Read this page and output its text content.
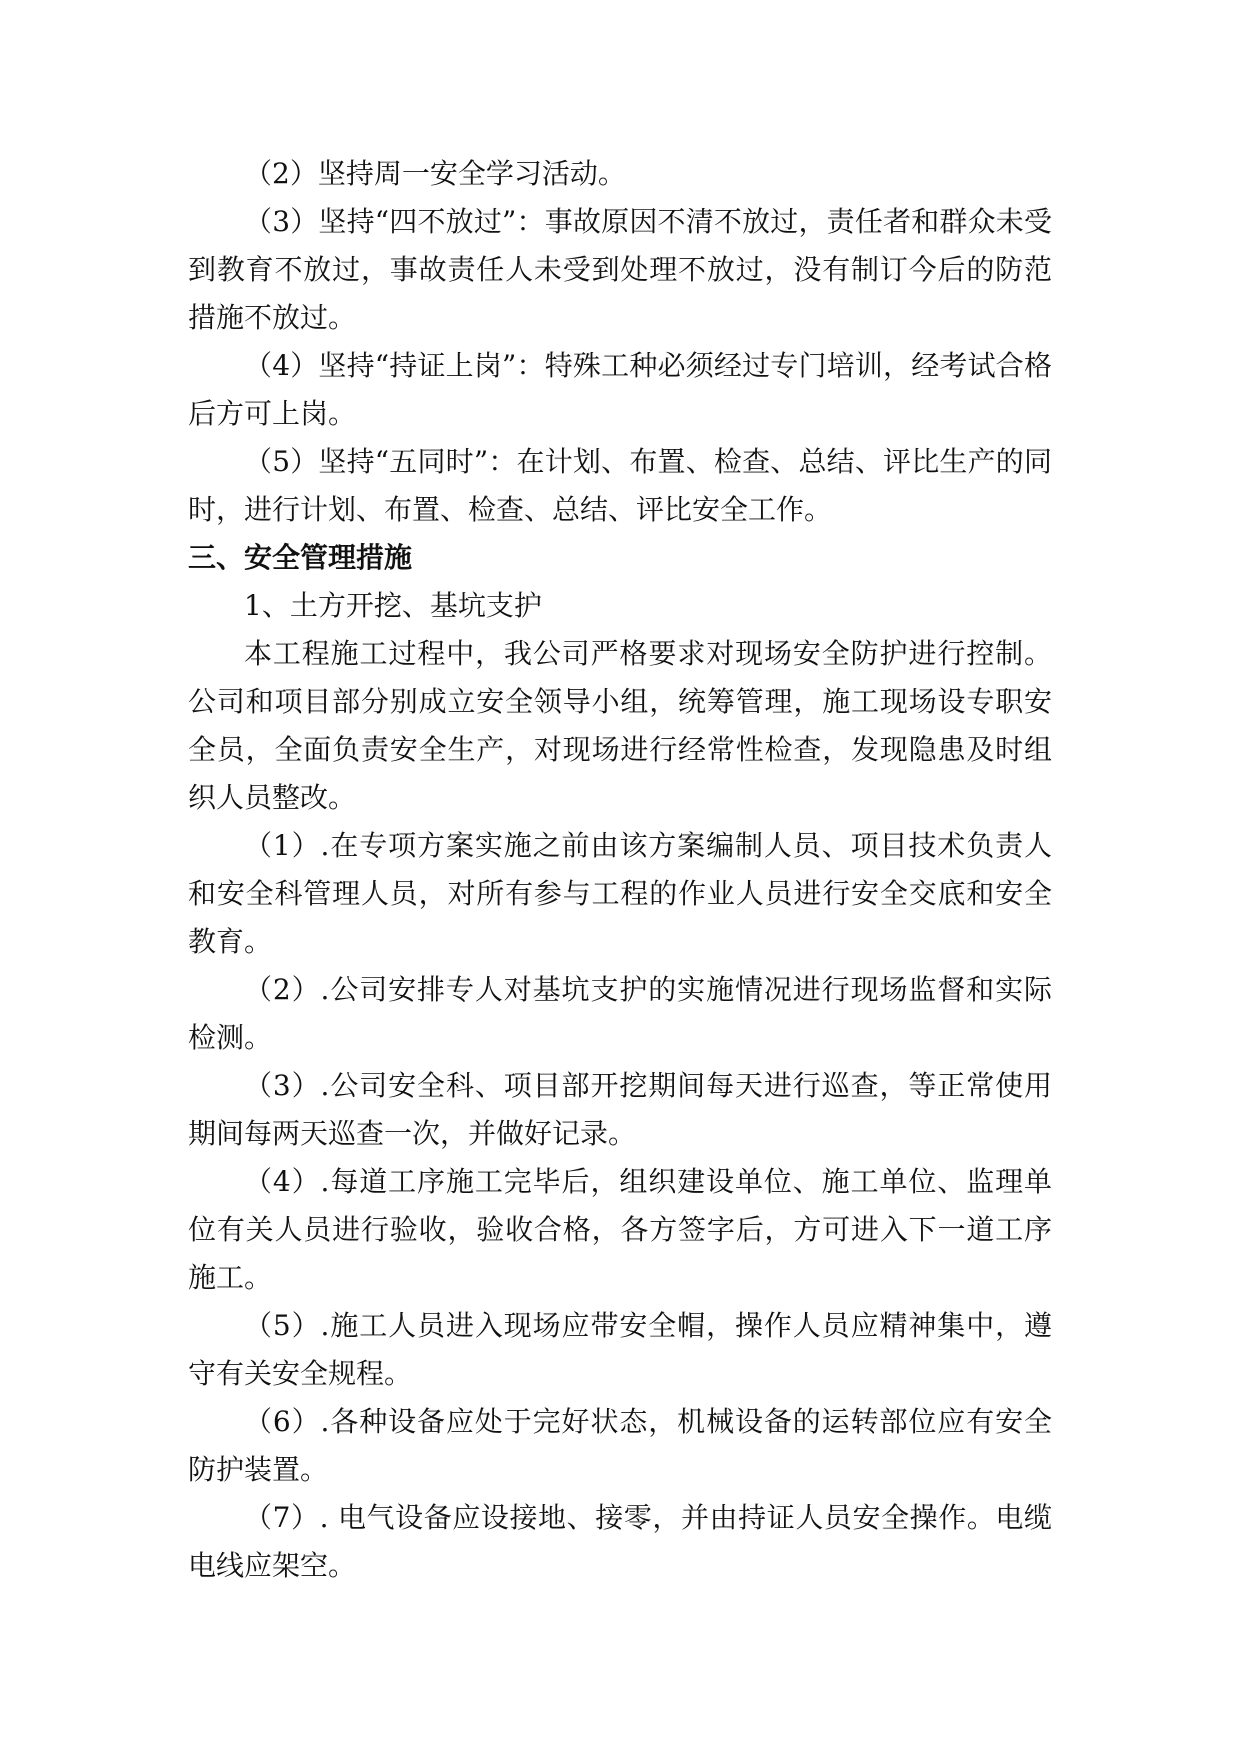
（2）坚持周一安全学习活动。

（3）坚持“四不放过”：事故原因不清不放过，责任者和群众未受到教育不放过，事故责任人未受到处理不放过，没有制订今后的防范措施不放过。

（4）坚持“持证上岗”：特殊工种必须经过专门培训，经考试合格后方可上岗。

（5）坚持“五同时”：在计划、布置、检查、总结、评比生产的同时，进行计划、布置、检查、总结、评比安全工作。

三、安全管理措施

1、土方开挖、基坑支护

本工程施工过程中，我公司严格要求对现场安全防护进行控制。公司和项目部分别成立安全领导小组，统筹管理，施工现场设专职安全员，全面负责安全生产，对现场进行经常性检查，发现隐患及时组织人员整改。

（1）.在专项方案实施之前由该方案编制人员、项目技术负责人和安全科管理人员，对所有参与工程的作业人员进行安全交底和安全教育。

（2）.公司安排专人对基坑支护的实施情况进行现场监督和实际检测。

（3）.公司安全科、项目部开挖期间每天进行巡查，等正常使用期间每两天巡查一次，并做好记录。

（4）.每道工序施工完毕后，组织建设单位、施工单位、监理单位有关人员进行验收，验收合格，各方签字后，方可进入下一道工序施工。

（5）.施工人员进入现场应带安全帽，操作人员应精神集中，遵守有关安全规程。

（6）.各种设备应处于完好状态，机械设备的运转部位应有安全防护装置。

（7）. 电气设备应设接地、接零，并由持证人员安全操作。电缆电线应架空。
